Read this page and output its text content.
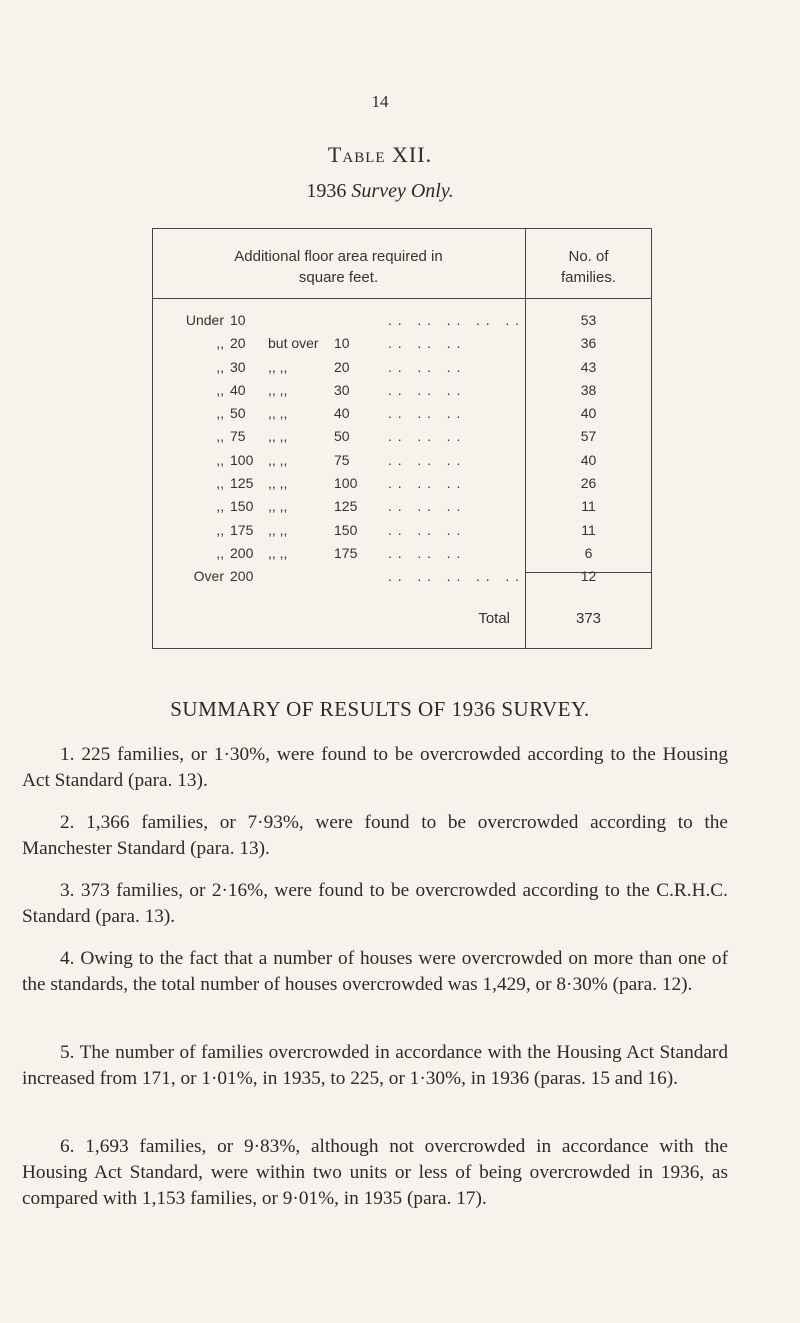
14
Table XII.
1936 Survey Only.
Additional floor area required in
square feet.
No. of
families.
Under 10	. .   . .   . .   . .   . .	53
,, 20	but over	10	. .   . .   . .	36
,, 30	,, ,,	20	. .   . .   . .	43
,, 40	,, ,,	30	. .   . .   . .	38
,, 50	,, ,,	40	. .   . .   . .	40
,, 75	,, ,,	50	. .   . .   . .	57
,, 100	,, ,,	75	. .   . .   . .	40
,, 125	,, ,,	100	. .   . .   . .	26
,, 150	,, ,,	125	. .   . .   . .	11
,, 175	,, ,,	150	. .   . .   . .	11
,, 200	,, ,,	175	. .   . .   . .	6
Over 200	. .   . .   . .   . .   . .	12
Total	373
SUMMARY OF RESULTS OF 1936 SURVEY.
1. 225 families, or 1·30%, were found to be overcrowded according to the Housing Act Standard (para. 13).
2. 1,366 families, or 7·93%, were found to be overcrowded according to the Manchester Standard (para. 13).
3. 373 families, or 2·16%, were found to be overcrowded according to the C.R.H.C. Standard (para. 13).
4. Owing to the fact that a number of houses were overcrowded on more than one of the standards, the total number of houses overcrowded was 1,429, or 8·30% (para. 12).
5. The number of families overcrowded in accordance with the Housing Act Standard increased from 171, or 1·01%, in 1935, to 225, or 1·30%, in 1936 (paras. 15 and 16).
6. 1,693 families, or 9·83%, although not overcrowded in accordance with the Housing Act Standard, were within two units or less of being overcrowded in 1936, as compared with 1,153 families, or 9·01%, in 1935 (para. 17).
